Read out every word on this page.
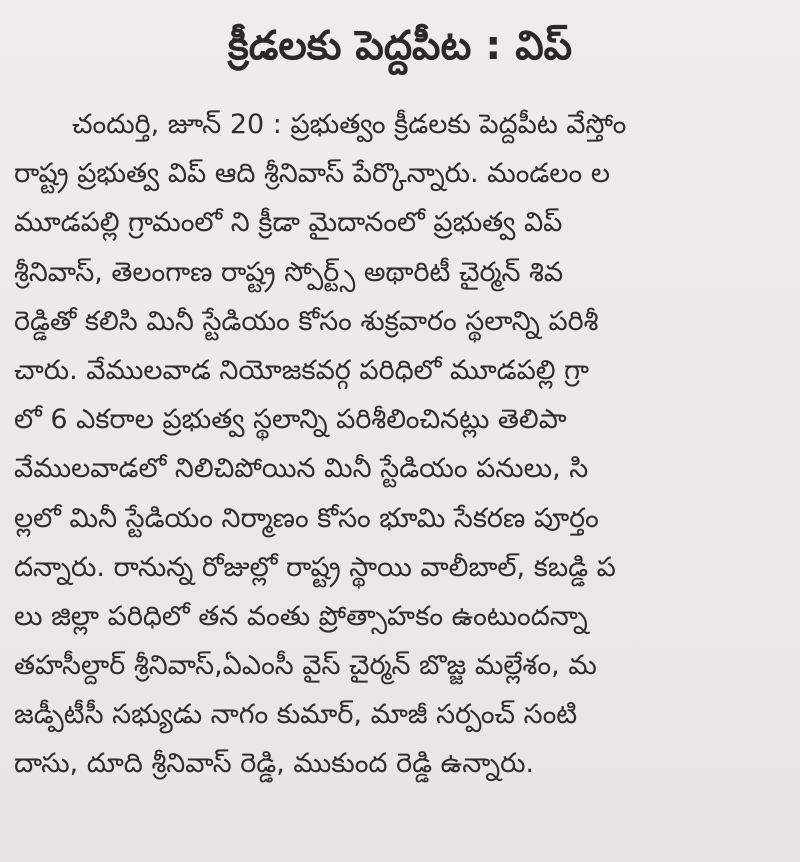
క్రీడలకు పెద్దపీట : విప్
చందుర్తి, జూన్ 20 : ప్రభుత్వం క్రీడలకు పెద్దపీట వేస్తోం
రాష్ట్ర ప్రభుత్వ విప్ ఆది శ్రీనివాస్ పేర్కొన్నారు. మండలం ల
మూడపల్లి గ్రామంలో ని క్రీడా మైదానంలో ప్రభుత్వ విప్
శ్రీనివాస్, తెలంగాణ రాష్ట్ర స్పోర్ట్స్ అథారిటీ చైర్మన్ శివ
రెడ్డితో కలిసి మినీ స్టేడియం కోసం శుక్రవారం స్థలాన్ని పరిశీ
చారు. వేములవాడ నియోజకవర్గ పరిధిలో మూడపల్లి గ్రా
లో 6 ఎకరాల ప్రభుత్వ స్థలాన్ని పరిశీలించినట్లు తెలిపా
వేములవాడలో నిలిచిపోయిన మినీ స్టేడియం పనులు, సి
ల్లలో మినీ స్టేడియం నిర్మాణం కోసం భూమి సేకరణ పూర్తం
దన్నారు. రానున్న రోజుల్లో రాష్ట్ర స్థాయి వాలీబాల్, కబడ్డి ప
లు జిల్లా పరిధిలో తన వంతు ప్రోత్సాహకం ఉంటుందన్నా
తహసీల్దార్ శ్రీనివాస్,ఏఎంసీ వైస్ చైర్మన్ బొజ్జ మల్లేశం, మ
జడ్పీటీసీ సభ్యుడు నాగం కుమార్, మాజీ సర్పంచ్ సంటి
దాసు, దూది శ్రీనివాస్ రెడ్డి, ముకుంద రెడ్డి ఉన్నారు.
